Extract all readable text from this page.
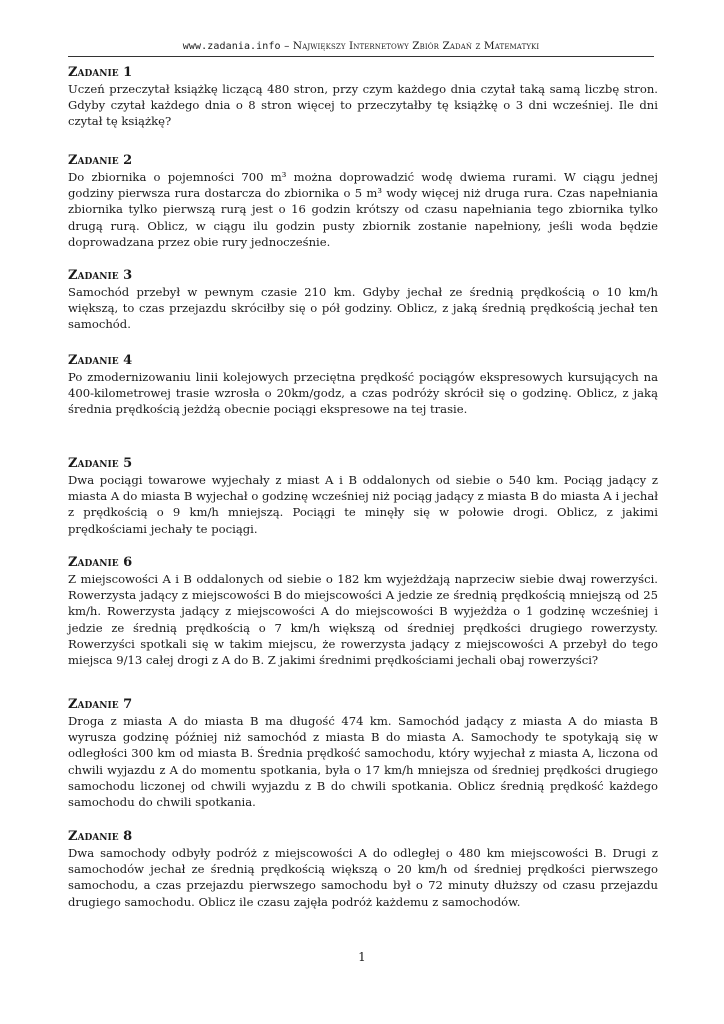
www.zadania.info – Największy Internetowy Zbiór Zadań z Matematyki
Zadanie 1
Uczeń przeczytał książkę liczącą 480 stron, przy czym każdego dnia czytał taką samą liczbę stron. Gdyby czytał każdego dnia o 8 stron więcej to przeczytałby tę książkę o 3 dni wcześniej. Ile dni czytał tę książkę?
Zadanie 2
Do zbiornika o pojemności 700 m³ można doprowadzić wodę dwiema rurami. W ciągu jednej godziny pierwsza rura dostarcza do zbiornika o 5 m³ wody więcej niż druga rura. Czas napełniania zbiornika tylko pierwszą rurą jest o 16 godzin krótszy od czasu napełniania tego zbiornika tylko drugą rurą. Oblicz, w ciągu ilu godzin pusty zbiornik zostanie napełniony, jeśli woda będzie doprowadzana przez obie rury jednocześnie.
Zadanie 3
Samochód przebył w pewnym czasie 210 km. Gdyby jechał ze średnią prędkością o 10 km/h większą, to czas przejazdu skróciłby się o pół godziny. Oblicz, z jaką średnią prędkością jechał ten samochód.
Zadanie 4
Po zmodernizowaniu linii kolejowych przeciętna prędkość pociągów ekspresowych kursujących na 400-kilometrowej trasie wzrosła o 20km/godz, a czas podróży skrócił się o godzinę. Oblicz, z jaką średnia prędkością jeżdżą obecnie pociągi ekspresowe na tej trasie.
Zadanie 5
Dwa pociągi towarowe wyjechały z miast A i B oddalonych od siebie o 540 km. Pociąg jadący z miasta A do miasta B wyjechał o godzinę wcześniej niż pociąg jadący z miasta B do miasta A i jechał z prędkością o 9 km/h mniejszą. Pociągi te minęły się w połowie drogi. Oblicz, z jakimi prędkościami jechały te pociągi.
Zadanie 6
Z miejscowości A i B oddalonych od siebie o 182 km wyjeżdżają naprzeciw siebie dwaj rowerzyści. Rowerzysta jadący z miejscowości B do miejscowości A jedzie ze średnią prędkością mniejszą od 25 km/h. Rowerzysta jadący z miejscowości A do miejscowości B wyjeżdża o 1 godzinę wcześniej i jedzie ze średnią prędkością o 7 km/h większą od średniej prędkości drugiego rowerzysty. Rowerzyści spotkali się w takim miejscu, że rowerzysta jadący z miejscowości A przebył do tego miejsca 9/13 całej drogi z A do B. Z jakimi średnimi prędkościami jechali obaj rowerzyści?
Zadanie 7
Droga z miasta A do miasta B ma długość 474 km. Samochód jadący z miasta A do miasta B wyrusza godzinę później niż samochód z miasta B do miasta A. Samochody te spotykają się w odległości 300 km od miasta B. Średnia prędkość samochodu, który wyjechał z miasta A, liczona od chwili wyjazdu z A do momentu spotkania, była o 17 km/h mniejsza od średniej prędkości drugiego samochodu liczonej od chwili wyjazdu z B do chwili spotkania. Oblicz średnią prędkość każdego samochodu do chwili spotkania.
Zadanie 8
Dwa samochody odbyły podróż z miejscowości A do odległej o 480 km miejscowości B. Drugi z samochodów jechał ze średnią prędkością większą o 20 km/h od średniej prędkości pierwszego samochodu, a czas przejazdu pierwszego samochodu był o 72 minuty dłuższy od czasu przejazdu drugiego samochodu. Oblicz ile czasu zajęła podróż każdemu z samochodów.
1
